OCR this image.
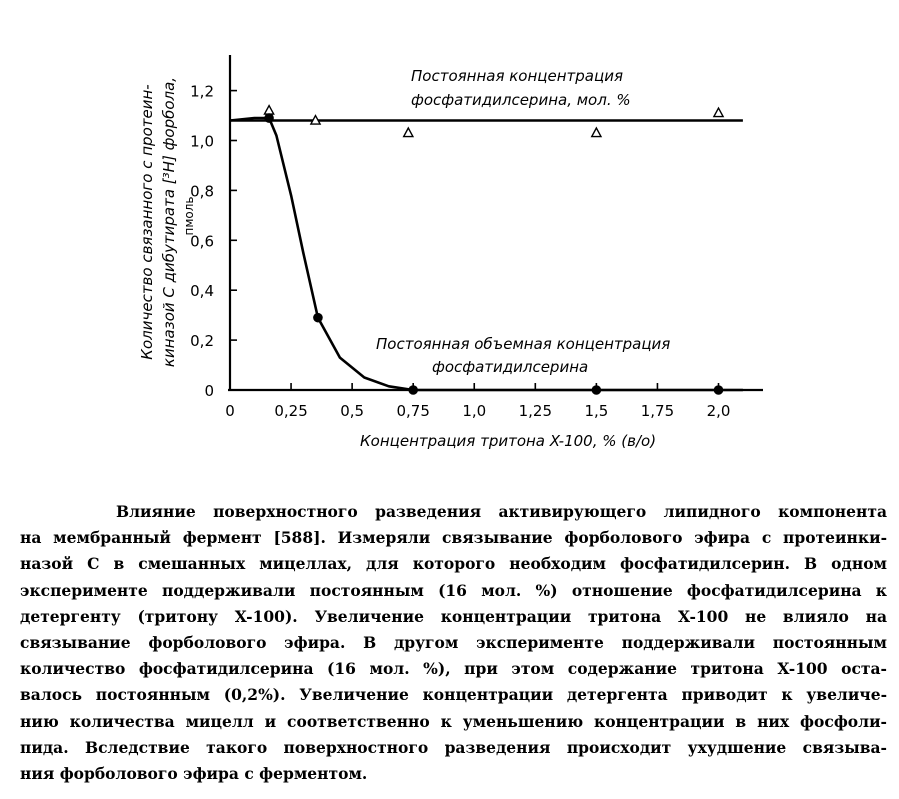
0	0,25 0,5 0,75 1,0 1,25 1,5 1,75 2,0
0
0,2
0,4
0,6
0,8
1,0
1,2
Количество связанного с протеин- киназой С дибутирата [³H] форбола, пмоль
Концентрация тритона X-100, % (в/о)
Постоянная концентрация
фосфатидилсерина, мол. %
Постоянная объемная концентрация
фосфатидилсерина
Влияние поверхностного разведения активирующего липидного компонента
на мембранный фермент [588]. Измеряли связывание форболового эфира с протеинки-
назой С в смешанных мицеллах, для которого необходим фосфатидилсерин. В одном
эксперименте поддерживали постоянным (16 мол. %) отношение фосфатидилсерина к
детергенту (тритону X-100). Увеличение концентрации тритона X-100 не влияло на
связывание форболового эфира. В другом эксперименте поддерживали постоянным
количество фосфатидилсерина (16 мол. %), при этом содержание тритона X-100 оста-
валось постоянным (0,2%). Увеличение концентрации детергента приводит к увеличе-
нию количества мицелл и соответственно к уменьшению концентрации в них фосфоли-
пида. Вследствие такого поверхностного разведения происходит ухудшение связыва-
ния форболового эфира с ферментом.
